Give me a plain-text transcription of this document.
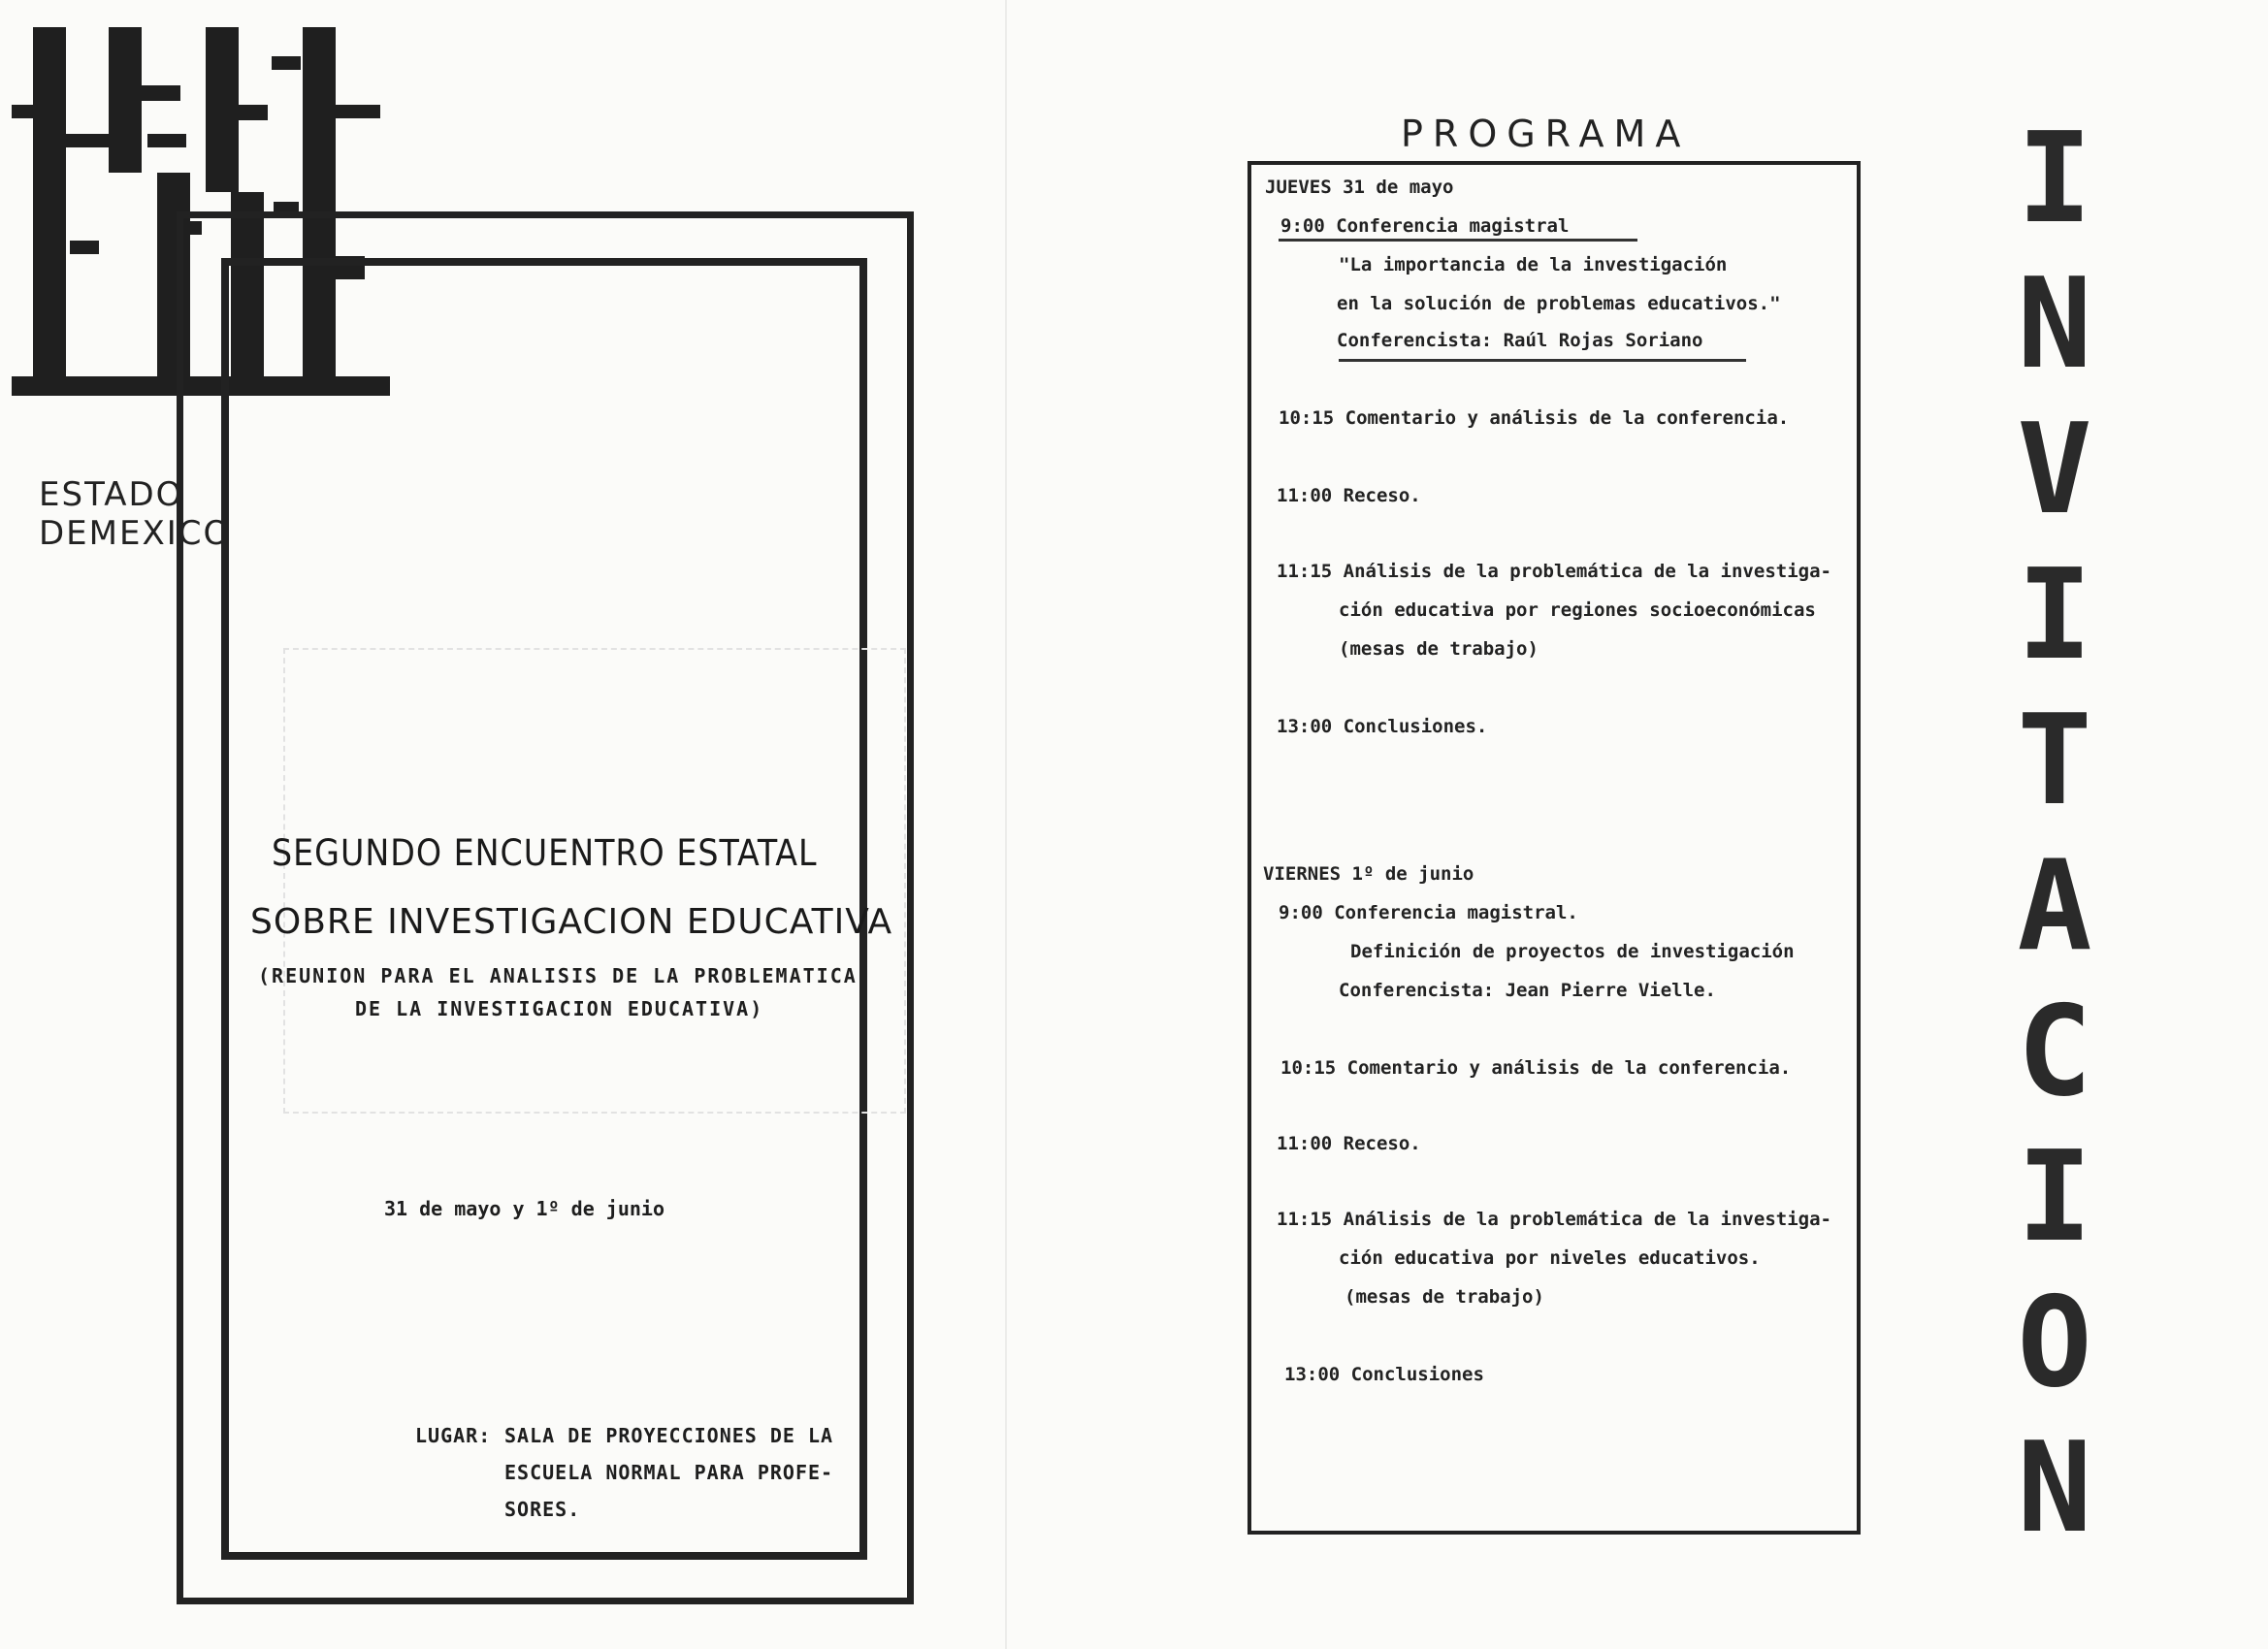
ESTADO DEMEXICO
SEGUNDO ENCUENTRO ESTATAL
SOBRE INVESTIGACION EDUCATIVA
(REUNION PARA EL ANALISIS DE LA PROBLEMATICA
DE LA INVESTIGACION EDUCATIVA)
31 de mayo y 1º de junio
LUGAR: SALA DE PROYECCIONES DE LA
ESCUELA NORMAL PARA PROFE-
SORES.
PROGRAMA
JUEVES 31 de mayo
9:00 Conferencia magistral
"La importancia de la investigación
en la solución de problemas educativos."
Conferencista: Raúl Rojas Soriano
10:15 Comentario y análisis de la conferencia.
11:00 Receso.
11:15 Análisis de la problemática de la investiga-
ción educativa por regiones socioeconómicas
(mesas de trabajo)
13:00 Conclusiones.
VIERNES 1º de junio
9:00 Conferencia magistral.
Definición de proyectos de investigación
Conferencista: Jean Pierre Vielle.
10:15 Comentario y análisis de la conferencia.
11:00 Receso.
11:15 Análisis de la problemática de la investiga-
ción educativa por niveles educativos.
(mesas de trabajo)
13:00 Conclusiones
I
N
V
I
T
A
C
I
O
N
